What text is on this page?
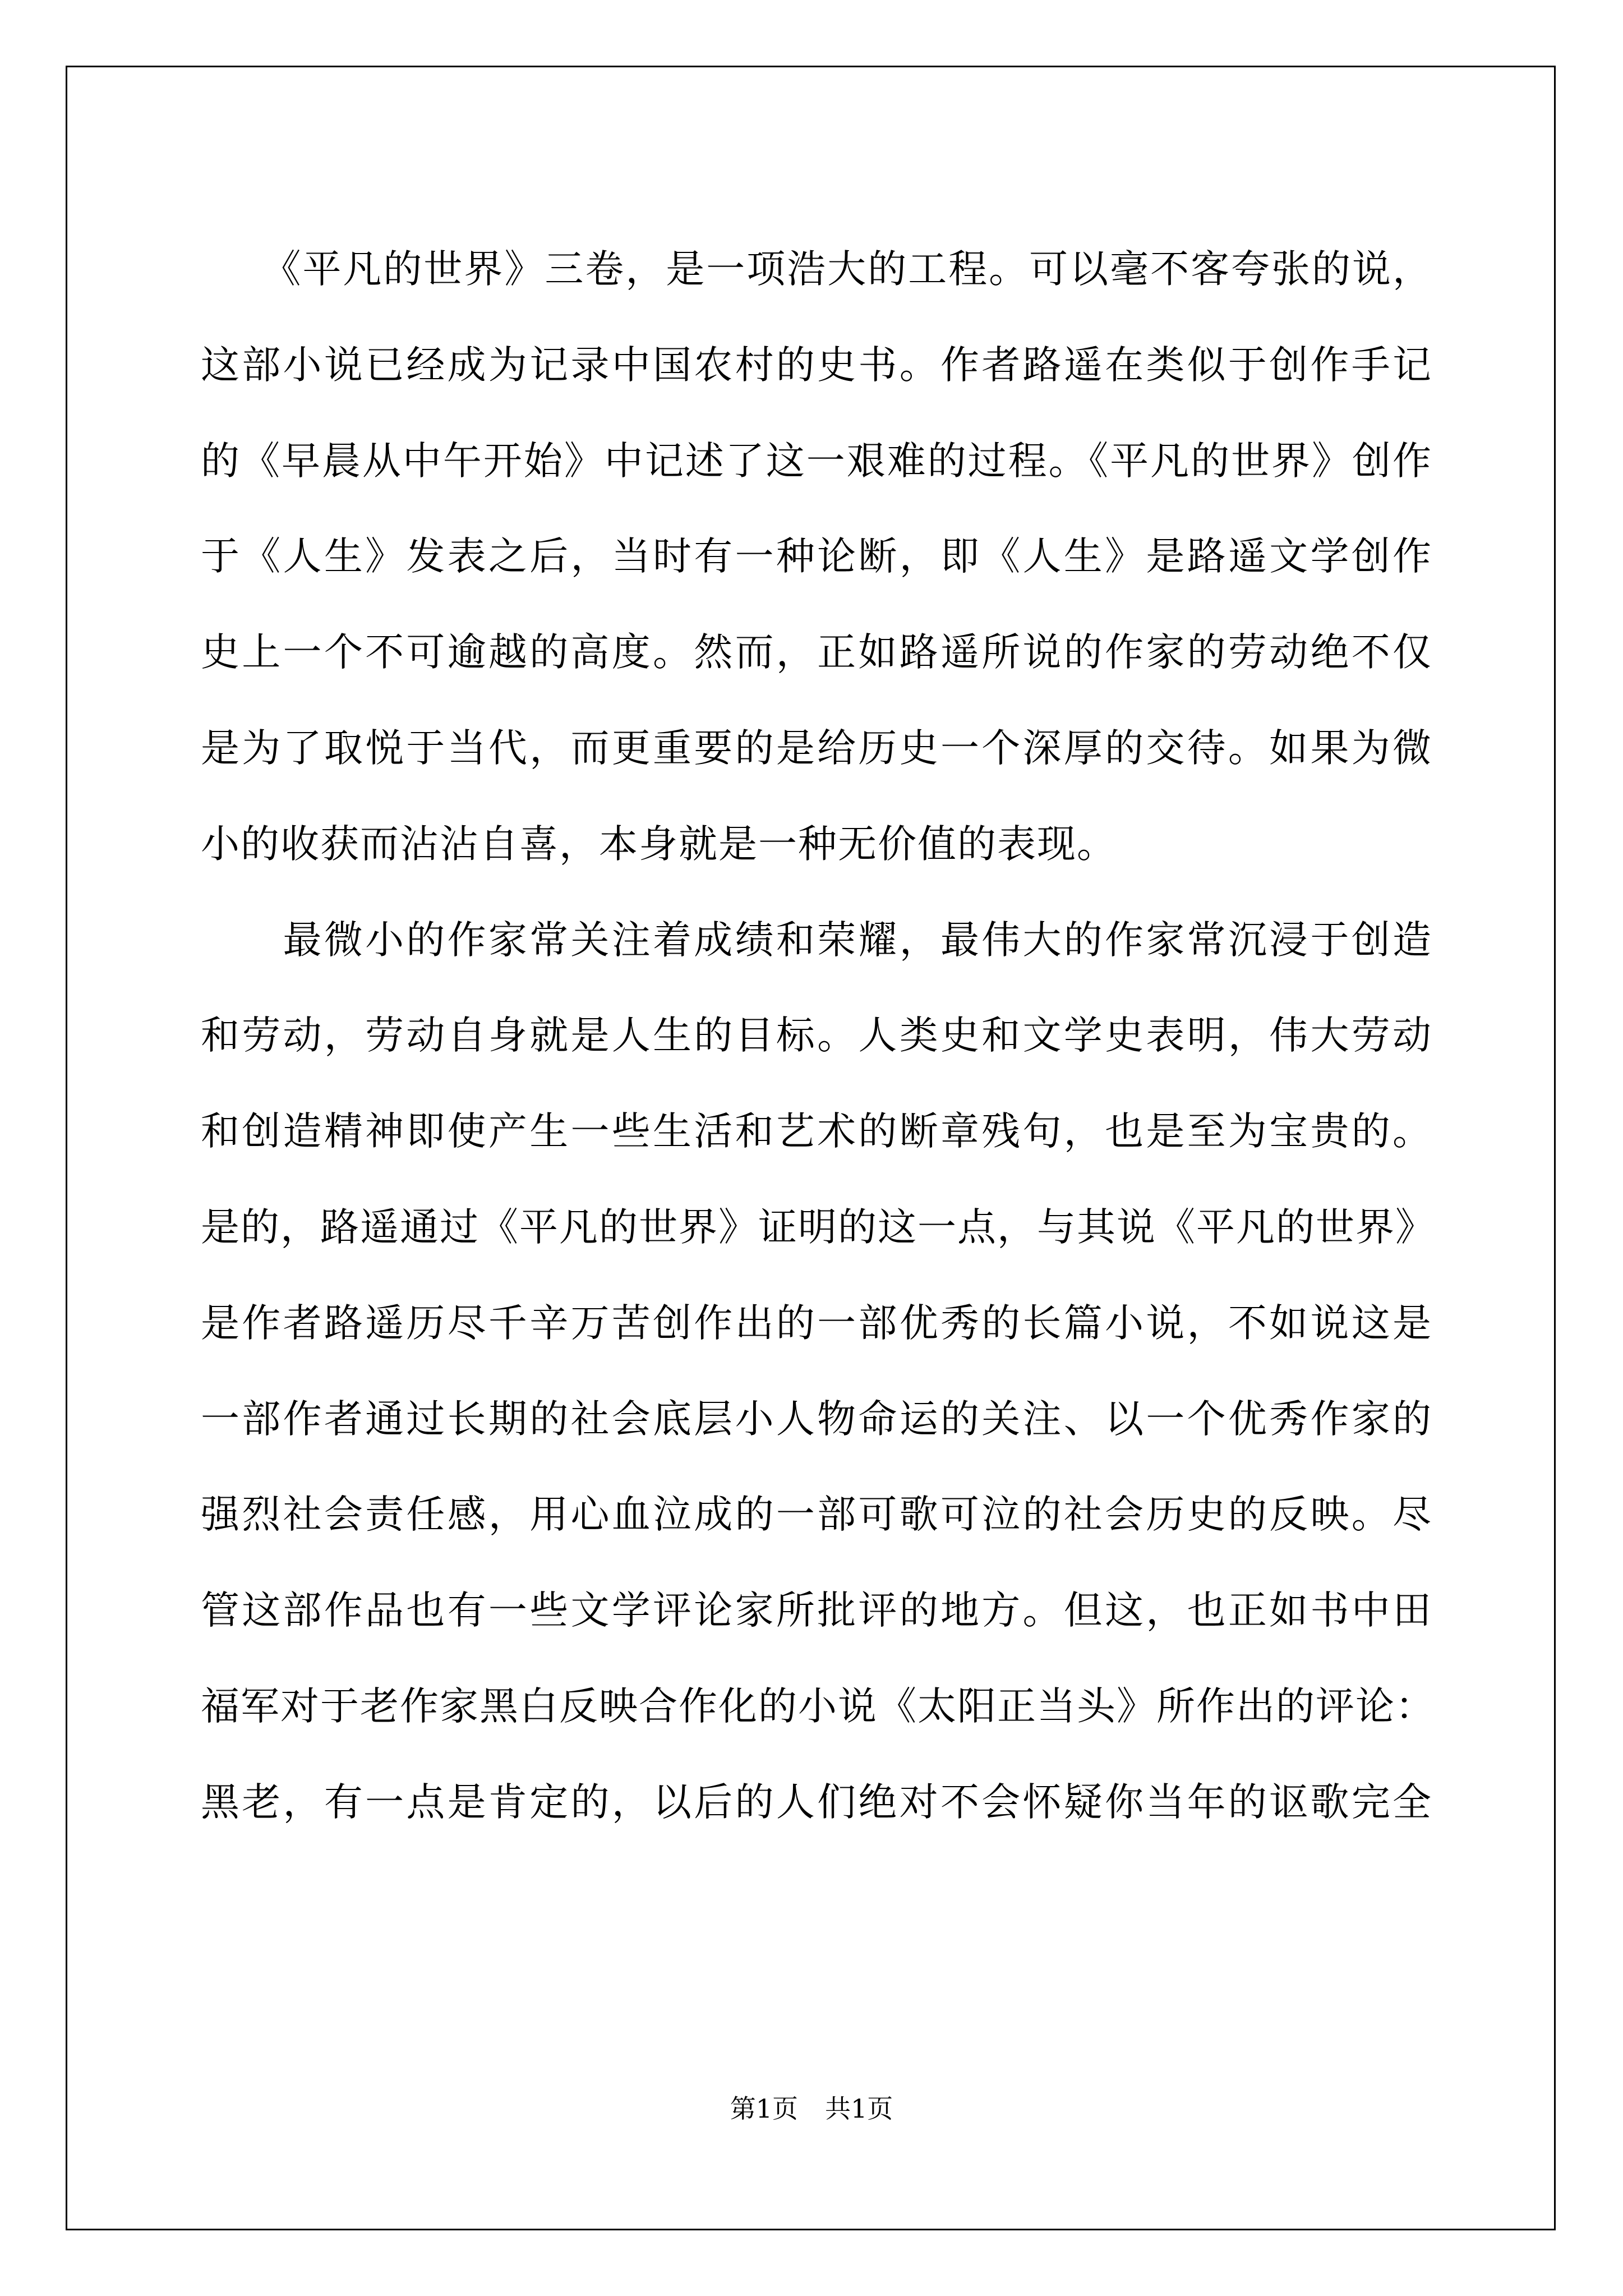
　　《平凡的世界》三卷，是一项浩大的工程。可以毫不客夸张的说，
这部小说已经成为记录中国农村的史书。作者路遥在类似于创作手记
的《早晨从中午开始》中记述了这一艰难的过程。《平凡的世界》创作
于《人生》发表之后，当时有一种论断，即《人生》是路遥文学创作
史上一个不可逾越的高度。然而，正如路遥所说的作家的劳动绝不仅
是为了取悦于当代，而更重要的是给历史一个深厚的交待。如果为微
小的收获而沾沾自喜，本身就是一种无价值的表现。
　　最微小的作家常关注着成绩和荣耀，最伟大的作家常沉浸于创造
和劳动，劳动自身就是人生的目标。人类史和文学史表明，伟大劳动
和创造精神即使产生一些生活和艺术的断章残句，也是至为宝贵的。
是的，路遥通过《平凡的世界》证明的这一点，与其说《平凡的世界》
是作者路遥历尽千辛万苦创作出的一部优秀的长篇小说，不如说这是
一部作者通过长期的社会底层小人物命运的关注、以一个优秀作家的
强烈社会责任感，用心血泣成的一部可歌可泣的社会历史的反映。尽
管这部作品也有一些文学评论家所批评的地方。但这，也正如书中田
福军对于老作家黑白反映合作化的小说《太阳正当头》所作出的评论：
黑老，有一点是肯定的，以后的人们绝对不会怀疑你当年的讴歌完全
第1页 共1页
